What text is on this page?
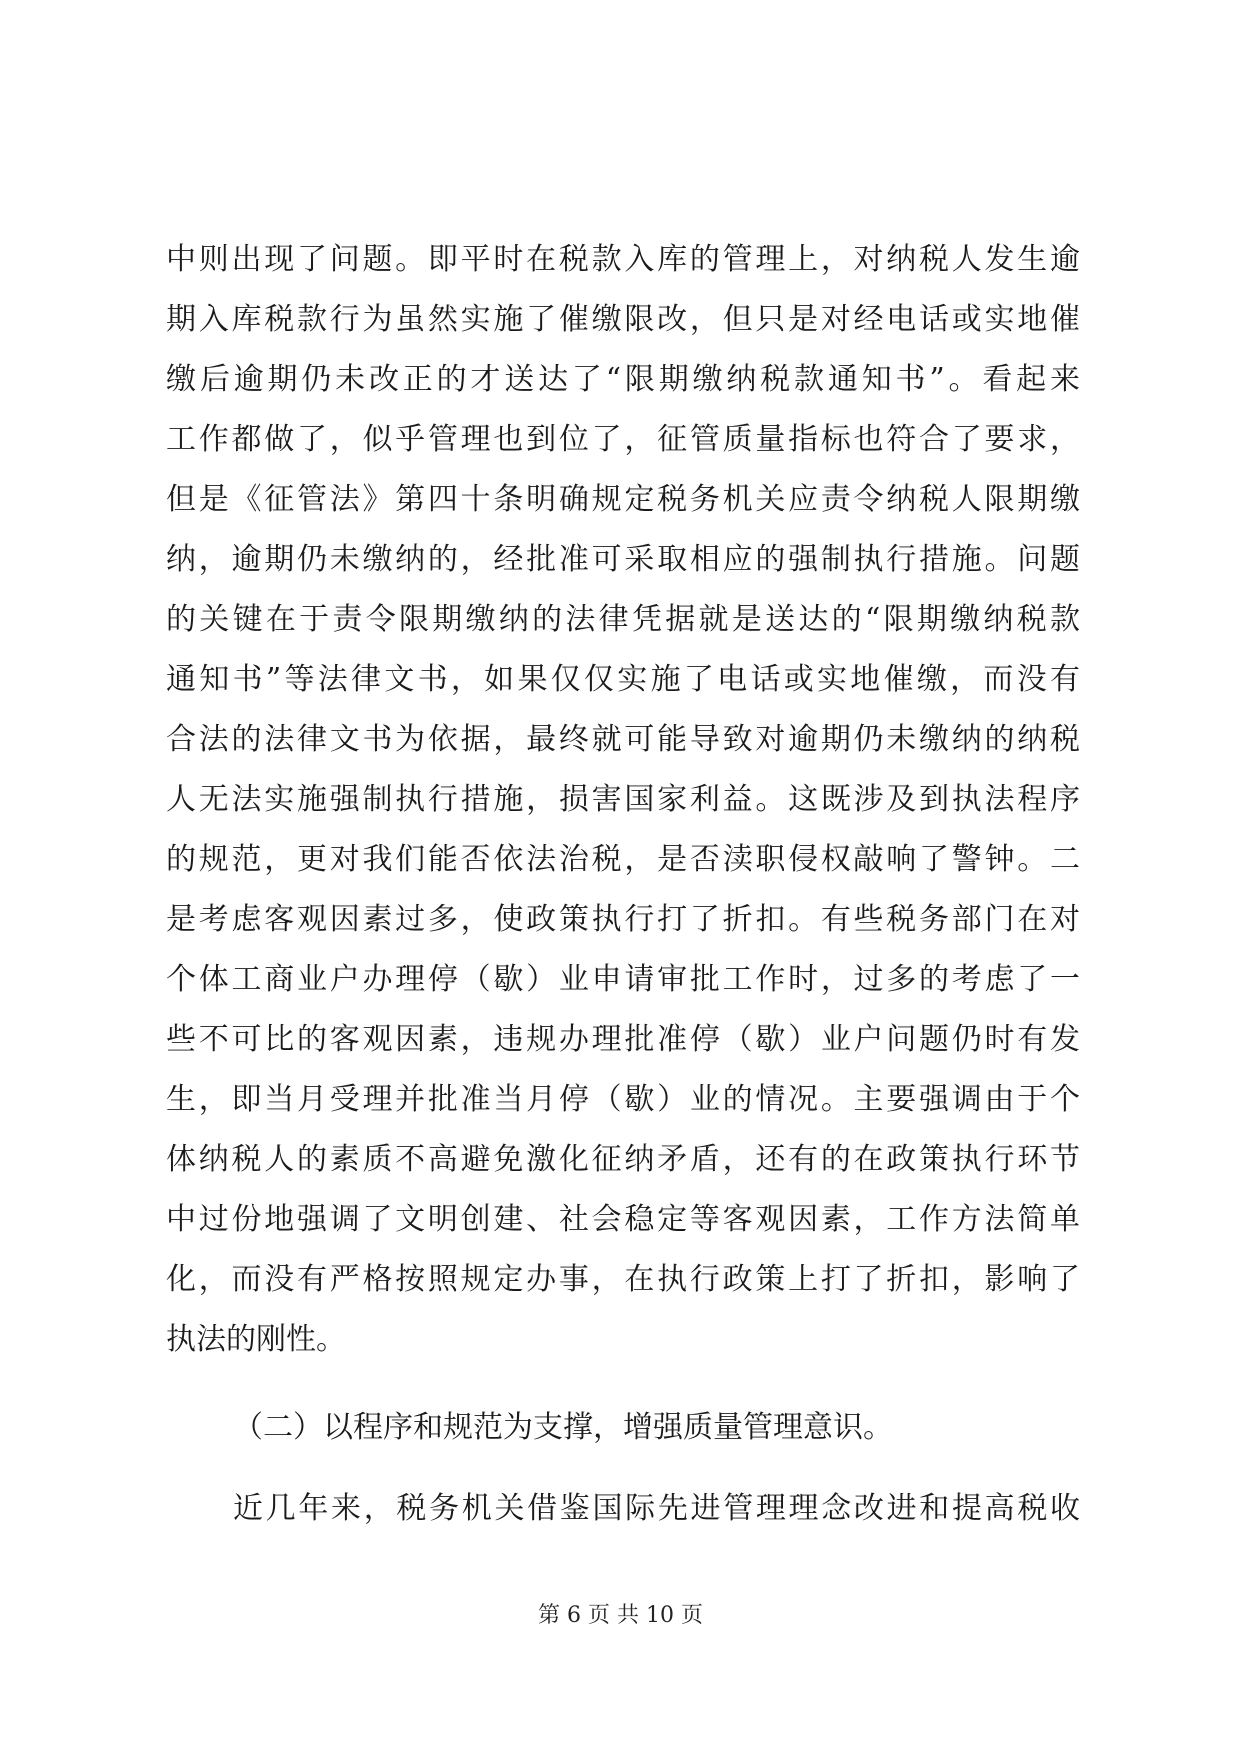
中则出现了问题。即平时在税款入库的管理上，对纳税人发生逾
期入库税款行为虽然实施了催缴限改，但只是对经电话或实地催
缴后逾期仍未改正的才送达了“限期缴纳税款通知书”。看起来
工作都做了，似乎管理也到位了，征管质量指标也符合了要求，
但是《征管法》第四十条明确规定税务机关应责令纳税人限期缴
纳，逾期仍未缴纳的，经批准可采取相应的强制执行措施。问题
的关键在于责令限期缴纳的法律凭据就是送达的“限期缴纳税款
通知书”等法律文书，如果仅仅实施了电话或实地催缴，而没有
合法的法律文书为依据，最终就可能导致对逾期仍未缴纳的纳税
人无法实施强制执行措施，损害国家利益。这既涉及到执法程序
的规范，更对我们能否依法治税，是否渎职侵权敲响了警钟。二
是考虑客观因素过多，使政策执行打了折扣。有些税务部门在对
个体工商业户办理停（歇）业申请审批工作时，过多的考虑了一
些不可比的客观因素，违规办理批准停（歇）业户问题仍时有发
生，即当月受理并批准当月停（歇）业的情况。主要强调由于个
体纳税人的素质不高避免激化征纳矛盾，还有的在政策执行环节
中过份地强调了文明创建、社会稳定等客观因素，工作方法简单
化，而没有严格按照规定办事，在执行政策上打了折扣，影响了
执法的刚性。
（二）以程序和规范为支撑，增强质量管理意识。
近几年来，税务机关借鉴国际先进管理理念改进和提高税收
第 6 页 共 10 页
